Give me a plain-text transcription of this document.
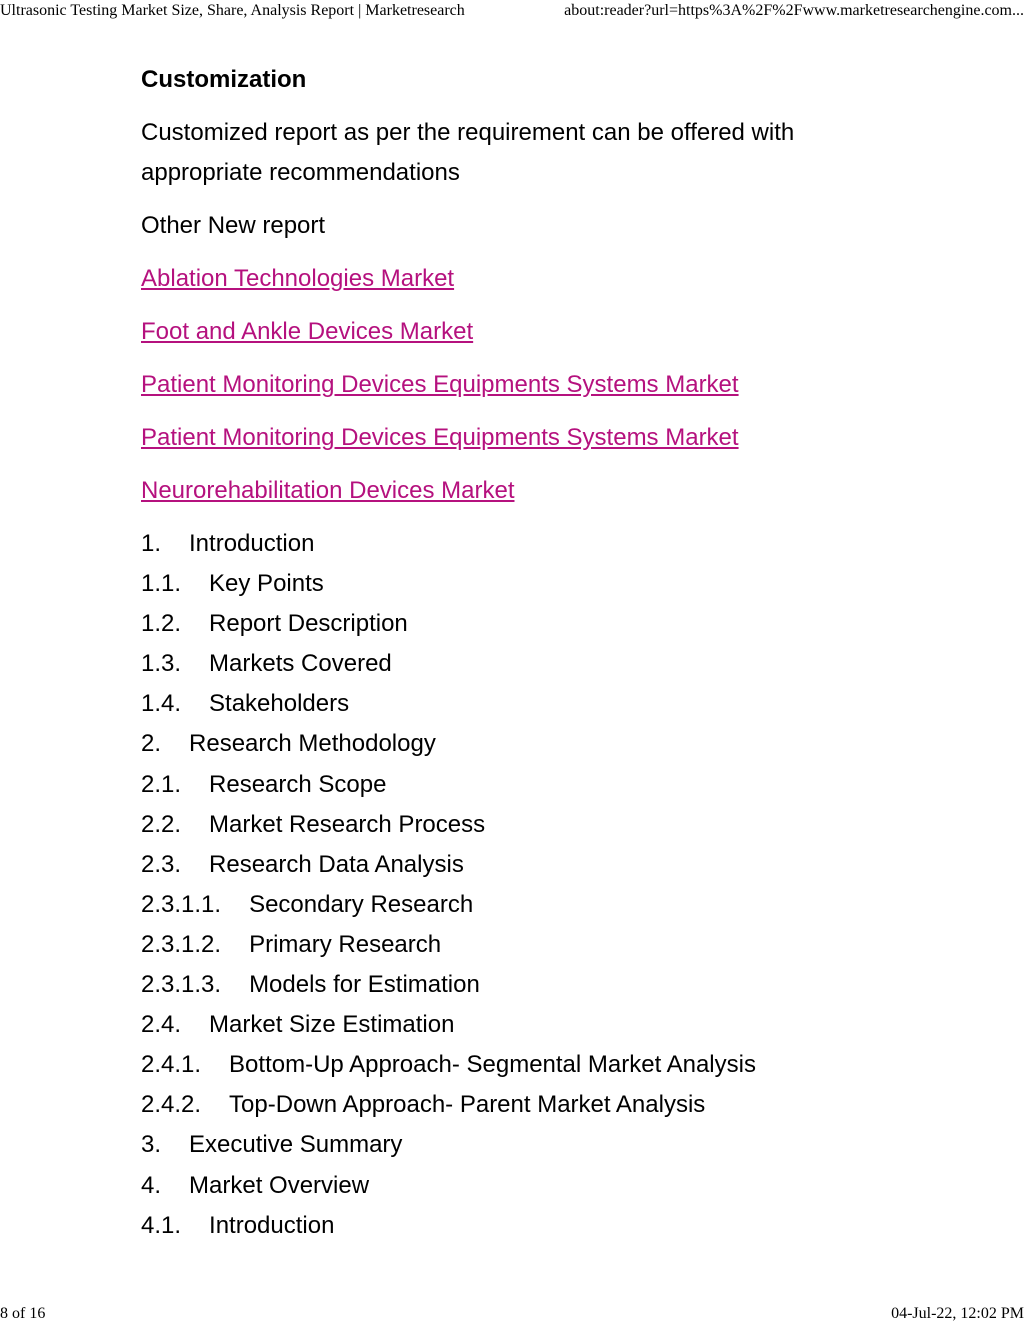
Ultrasonic Testing Market Size, Share, Analysis Report | Marketresearch	about:reader?url=https%3A%2F%2Fwww.marketresearchengine.com...
Customization

Customized report as per the requirement can be offered with appropriate recommendations

Other New report

Ablation Technologies Market

Foot and Ankle Devices Market

Patient Monitoring Devices Equipments Systems Market

Patient Monitoring Devices Equipments Systems Market

Neurorehabilitation Devices Market

1. Introduction
1.1. Key Points
1.2. Report Description
1.3. Markets Covered
1.4. Stakeholders
2. Research Methodology
2.1. Research Scope
2.2. Market Research Process
2.3. Research Data Analysis
2.3.1.1. Secondary Research
2.3.1.2. Primary Research
2.3.1.3. Models for Estimation
2.4. Market Size Estimation
2.4.1. Bottom-Up Approach- Segmental Market Analysis
2.4.2. Top-Down Approach- Parent Market Analysis
3. Executive Summary
4. Market Overview
4.1. Introduction
8 of 16	04-Jul-22, 12:02 PM
